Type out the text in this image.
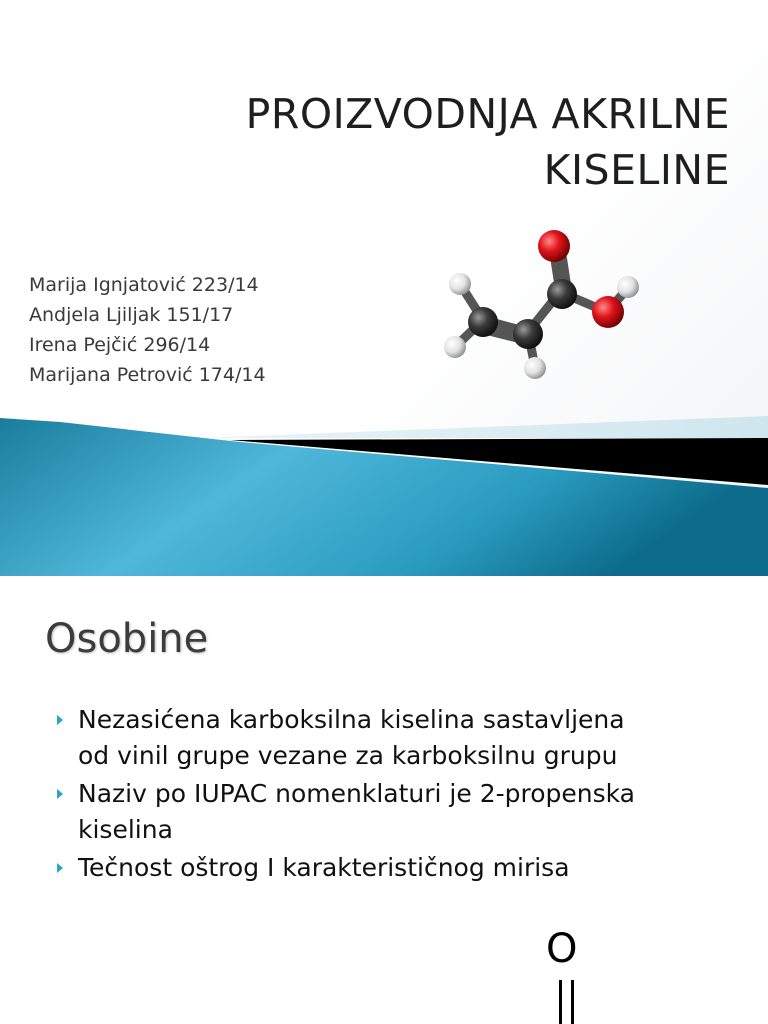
PROIZVODNJA AKRILNE
KISELINE
Marija Ignjatović 223/14
Andjela Ljiljak 151/17
Irena Pejčić 296/14
Marijana Petrović 174/14
Osobine
Nezasićena karboksilna kiselina sastavljena
od vinil grupe vezane za karboksilnu grupu
Naziv po IUPAC nomenklaturi je 2-propenska
kiselina
Tečnost oštrog I karakterističnog mirisa
O
